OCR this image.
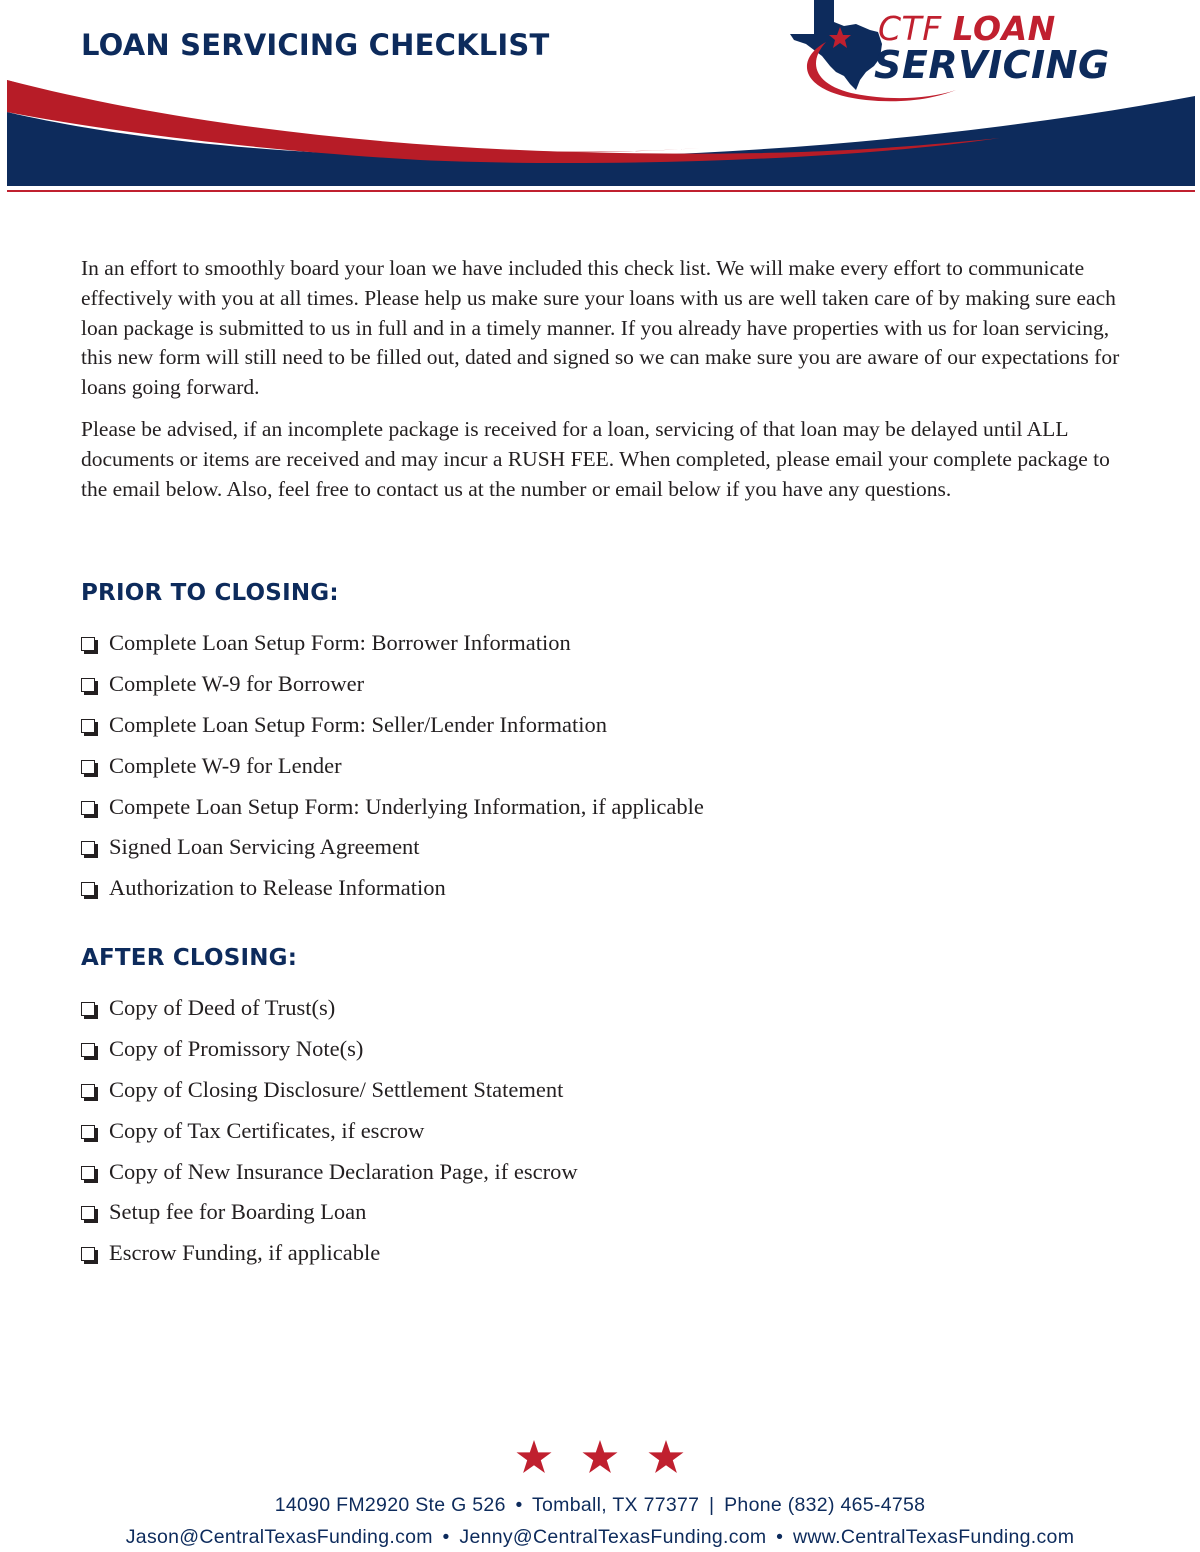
LOAN SERVICING CHECKLIST	CTF LOAN
SERVICING

In an effort to smoothly board your loan we have included this check list. We will make every effort to communicate effectively with you at all times. Please help us make sure your loans with us are well taken care of by making sure each loan package is submitted to us in full and in a timely manner. If you already have properties with us for loan servicing, this new form will still need to be filled out, dated and signed so we can make sure you are aware of our expectations for loans going forward.

Please be advised, if an incomplete package is received for a loan, servicing of that loan may be delayed until ALL documents or items are received and may incur a RUSH FEE. When completed, please email your complete package to the email below. Also, feel free to contact us at the number or email below if you have any questions.

PRIOR TO CLOSING:
Complete Loan Setup Form: Borrower Information
Complete W-9 for Borrower
Complete Loan Setup Form: Seller/Lender Information
Complete W-9 for Lender
Compete Loan Setup Form: Underlying Information, if applicable
Signed Loan Servicing Agreement
Authorization to Release Information
AFTER CLOSING:
Copy of Deed of Trust(s)
Copy of Promissory Note(s)
Copy of Closing Disclosure/ Settlement Statement
Copy of Tax Certificates, if escrow
Copy of New Insurance Declaration Page, if escrow
Setup fee for Boarding Loan
Escrow Funding, if applicable

14090 FM2920 Ste G 526 • Tomball, TX 77377 | Phone (832) 465-4758
Jason@CentralTexasFunding.com • Jenny@CentralTexasFunding.com • www.CentralTexasFunding.com
